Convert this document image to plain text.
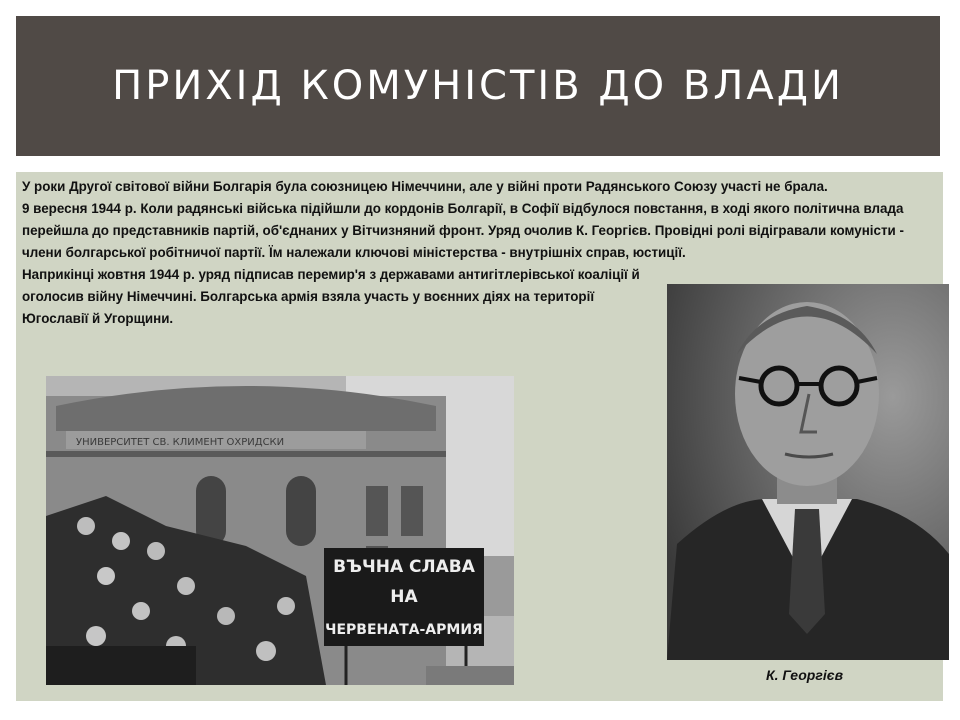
ПРИХІД КОМУНІСТІВ ДО ВЛАДИ

У роки Другої світової війни Болгарія була союзницею Німеччини, але у війні проти Радянського Союзу участі не брала.

9 вересня 1944 р. Коли радянські війська підійшли до кордонів Болгарії, в Софії відбулося повстання, в ході якого політична влада перейшла до представників партій, об'єднаних у Вітчизняний фронт. Уряд очолив К. Георгієв. Провідні ролі відігравали комуністи - члени болгарської робітничої партії. Їм належали ключові міністерства - внутрішніх справ, юстиції.

Наприкінці жовтня 1944 р. уряд підписав перемир'я з державами антигітлерівської коаліції й оголосив війну Німеччині. Болгарська армія взяла участь у воєнних діях на території Югославії й Угорщини.

УНИВЕРСИТЕТ СВ. КЛИМЕНТ ОХРИДСКИ
ВЪЧНА СЛАВА
НА
ЧЕРВЕНАТА-АРМИЯ
К. Георгієв
